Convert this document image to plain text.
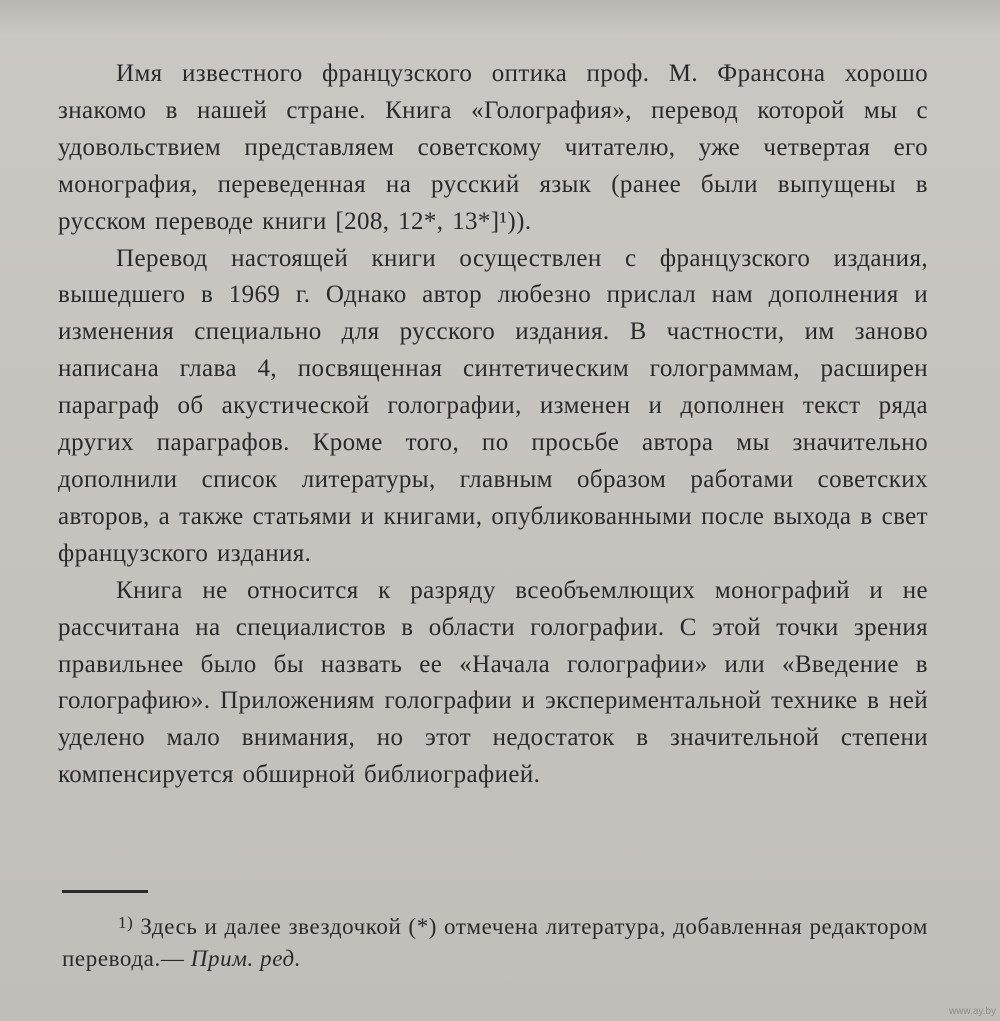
Имя известного французского оптика проф. М. Франсона хорошо знакомо в нашей стране. Книга «Голография», перевод которой мы с удовольствием представляем советскому читателю, уже четвертая его монография, переведенная на русский язык (ранее были выпущены в русском переводе книги [208, 12*, 13*]¹)).

Перевод настоящей книги осуществлен с французского издания, вышедшего в 1969 г. Однако автор любезно прислал нам дополнения и изменения специально для русского издания. В частности, им заново написана глава 4, посвященная синтетическим голограммам, расширен параграф об акустической голографии, изменен и дополнен текст ряда других параграфов. Кроме того, по просьбе автора мы значительно дополнили список литературы, главным образом работами советских авторов, а также статьями и книгами, опубликованными после выхода в свет французского издания.

Книга не относится к разряду всеобъемлющих монографий и не рассчитана на специалистов в области голографии. С этой точки зрения правильнее было бы назвать ее «Начала голографии» или «Введение в голографию». Приложениям голографии и экспериментальной технике в ней уделено мало внимания, но этот недостаток в значительной степени компенсируется обширной библиографией.

$^{1)}$ Здесь и далее звездочкой (*) отмечена литература, добавленная редактором перевода.— Прим. ред.

www.ay.by
